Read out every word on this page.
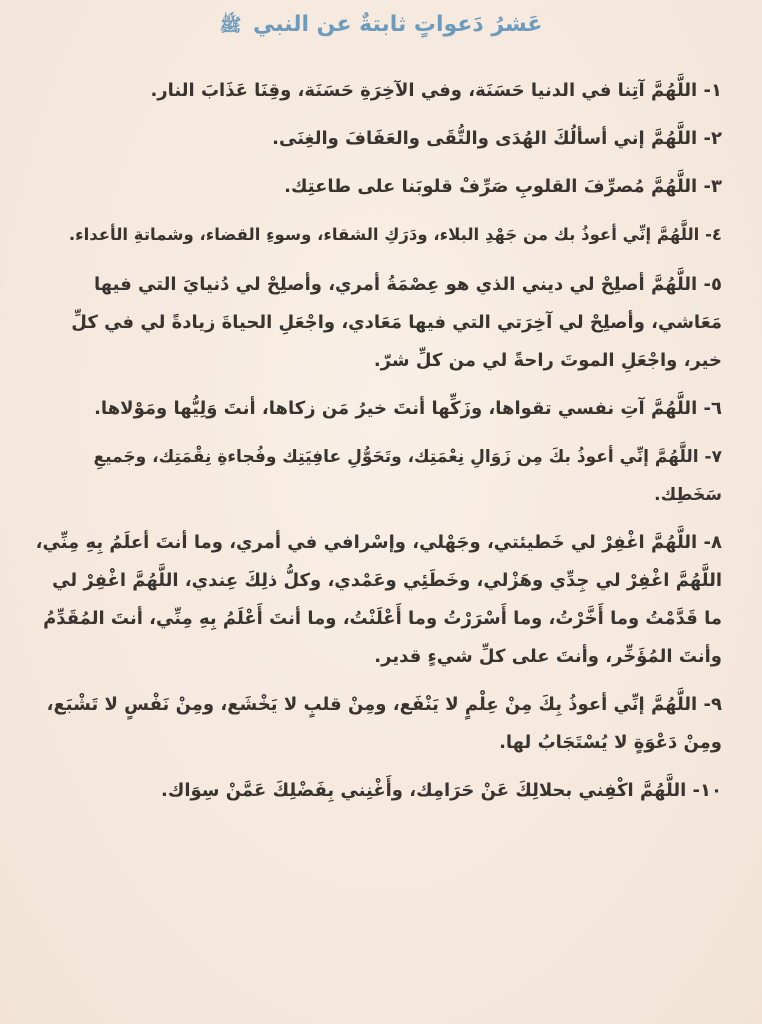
عَشرُ دَعواتٍ ثابتةٌ عن النبي ﷺ
١- اللَّهُمَّ آتِنا في الدنيا حَسَنَة، وفي الآخِرَةِ حَسَنَة، وقِنَا عَذَابَ النار.
٢- اللَّهُمَّ إني أسألُكَ الهُدَى والتُّقَى والعَفَافَ والغِنَى.
٣- اللَّهُمَّ مُصرِّفَ القلوبِ صَرِّفْ قلوبَنا على طاعتِك.
٤- اللَّهُمَّ إنِّي أعوذُ بك من جَهْدِ البلاء، ودَرَكِ الشقاء، وسوءِ القضاء، وشماتةِ الأعداء.
٥- اللَّهُمَّ أصلِحْ لي ديني الذي هو عِصْمَةُ أمري، وأصلِحْ لي دُنيايَ التي فيها مَعَاشي، وأصلِحْ لي آخِرَتي التي فيها مَعَادي، واجْعَلِ الحياةَ زيادةً لي في كلِّ خير، واجْعَلِ الموتَ راحةً لي من كلِّ شرّ.
٦- اللَّهُمَّ آتِ نفسي تقواها، وزَكِّها أنتَ خيرُ مَن زكاها، أنتَ وَلِيُّها ومَوْلاها.
٧- اللَّهُمَّ إنِّي أعوذُ بكَ مِن زَوَالِ نِعْمَتِك، وتَحَوُّلِ عافِيَتِك وفُجاءةِ نِقْمَتِك، وجَميعِ سَخَطِك.
٨- اللَّهُمَّ اغْفِرْ لي خَطيئتي، وجَهْلي، وإسْرافي في أمري، وما أنتَ أعلَمُ بِهِ مِنِّي، اللَّهُمَّ اغْفِرْ لي جِدِّي وهَزْلي، وخَطَئِي وعَمْدي، وكلُّ ذلِكَ عِندي، اللَّهُمَّ اغْفِرْ لي ما قَدَّمْتُ وما أَخَّرْتُ، وما أَسْرَرْتُ وما أَعْلَنْتُ، وما أنتَ أَعْلَمُ بِهِ مِنِّي، أنتَ المُقَدِّمُ وأنتَ المُؤَخِّر، وأنتَ على كلِّ شيءٍ قدير.
٩- اللَّهُمَّ إنِّي أعوذُ بِكَ مِنْ عِلْمٍ لا يَنْفَع، ومِنْ قلبٍ لا يَخْشَع، ومِنْ نَفْسٍ لا تَشْبَع، ومِنْ دَعْوَةٍ لا يُسْتَجَابُ لها.
١٠- اللَّهُمَّ اكْفِني بحلالِكَ عَنْ حَرَامِك، وأَغْنِني بِفَضْلِكَ عَمَّنْ سِوَاك.
